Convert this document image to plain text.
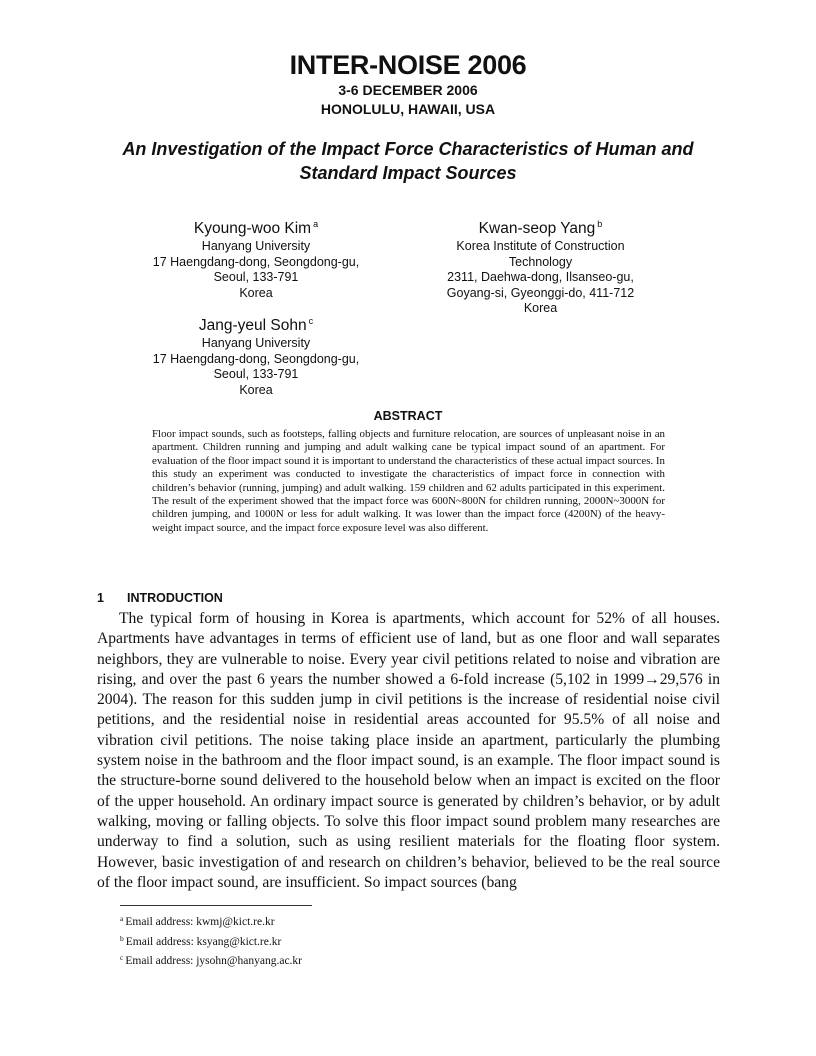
INTER-NOISE 2006
3-6 DECEMBER 2006
HONOLULU, HAWAII, USA
An Investigation of the Impact Force Characteristics of Human and Standard Impact Sources
Kyoung-woo Kim $^a$
Hanyang University
17 Haengdang-dong, Seongdong-gu,
Seoul, 133-791
Korea
Kwan-seop Yang $^b$
Korea Institute of Construction
Technology
2311, Daehwa-dong, Ilsanseo-gu,
Goyang-si, Gyeonggi-do, 411-712
Korea
Jang-yeul Sohn $^c$
Hanyang University
17 Haengdang-dong, Seongdong-gu,
Seoul, 133-791
Korea
ABSTRACT
Floor impact sounds, such as footsteps, falling objects and furniture relocation, are sources of unpleasant noise in an apartment. Children running and jumping and adult walking cane be typical impact sound of an apartment. For evaluation of the floor impact sound it is important to understand the characteristics of these actual impact sources. In this study an experiment was conducted to investigate the characteristics of impact force in connection with children’s behavior (running, jumping) and adult walking. 159 children and 62 adults participated in this experiment. The result of the experiment showed that the impact force was 600N~800N for children running, 2000N~3000N for children jumping, and 1000N or less for adult walking. It was lower than the impact force (4200N) of the heavy-weight impact source, and the impact force exposure level was also different.
1 INTRODUCTION
The typical form of housing in Korea is apartments, which account for 52% of all houses. Apartments have advantages in terms of efficient use of land, but as one floor and wall separates neighbors, they are vulnerable to noise. Every year civil petitions related to noise and vibration are rising, and over the past 6 years the number showed a 6-fold increase (5,102 in 1999→29,576 in 2004). The reason for this sudden jump in civil petitions is the increase of residential noise civil petitions, and the residential noise in residential areas accounted for 95.5% of all noise and vibration civil petitions. The noise taking place inside an apartment, particularly the plumbing system noise in the bathroom and the floor impact sound, is an example. The floor impact sound is the structure-borne sound delivered to the household below when an impact is excited on the floor of the upper household. An ordinary impact source is generated by children’s behavior, or by adult walking, moving or falling objects. To solve this floor impact sound problem many researches are underway to find a solution, such as using resilient materials for the floating floor system. However, basic investigation of and research on children’s behavior, believed to be the real source of the floor impact sound, are insufficient. So impact sources (bang
$^a$ Email address: kwmj@kict.re.kr
$^b$ Email address: ksyang@kict.re.kr
$^c$ Email address: jysohn@hanyang.ac.kr
